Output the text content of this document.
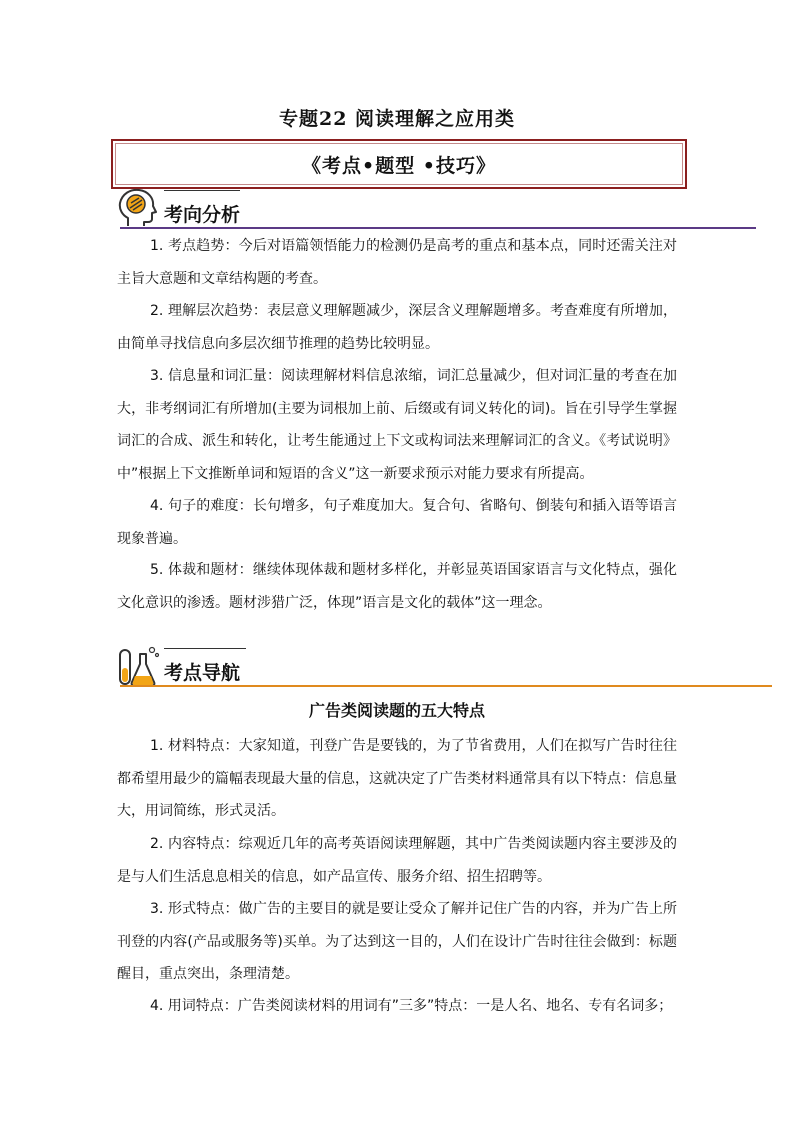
专题22 阅读理解之应用类
《考点•题型 •技巧》
考向分析

1. 考点趋势：今后对语篇领悟能力的检测仍是高考的重点和基本点，同时还需关注对主旨大意题和文章结构题的考查。

2. 理解层次趋势：表层意义理解题减少，深层含义理解题增多。考查难度有所增加，由简单寻找信息向多层次细节推理的趋势比较明显。

3. 信息量和词汇量：阅读理解材料信息浓缩，词汇总量减少，但对词汇量的考查在加大，非考纲词汇有所增加(主要为词根加上前、后缀或有词义转化的词)。旨在引导学生掌握词汇的合成、派生和转化，让考生能通过上下文或构词法来理解词汇的含义。《考试说明》中”根据上下文推断单词和短语的含义”这一新要求预示对能力要求有所提高。

4. 句子的难度：长句增多，句子难度加大。复合句、省略句、倒装句和插入语等语言现象普遍。

5. 体裁和题材：继续体现体裁和题材多样化，并彰显英语国家语言与文化特点，强化文化意识的渗透。题材涉猎广泛，体现”语言是文化的载体”这一理念。

考点导航
广告类阅读题的五大特点

1. 材料特点：大家知道，刊登广告是要钱的，为了节省费用，人们在拟写广告时往往都希望用最少的篇幅表现最大量的信息，这就决定了广告类材料通常具有以下特点：信息量大，用词简练，形式灵活。

2. 内容特点：综观近几年的高考英语阅读理解题，其中广告类阅读题内容主要涉及的是与人们生活息息相关的信息，如产品宣传、服务介绍、招生招聘等。

3. 形式特点：做广告的主要目的就是要让受众了解并记住广告的内容，并为广告上所刊登的内容(产品或服务等)买单。为了达到这一目的，人们在设计广告时往往会做到：标题醒目，重点突出，条理清楚。

4. 用词特点：广告类阅读材料的用词有”三多”特点：一是人名、地名、专有名词多；
